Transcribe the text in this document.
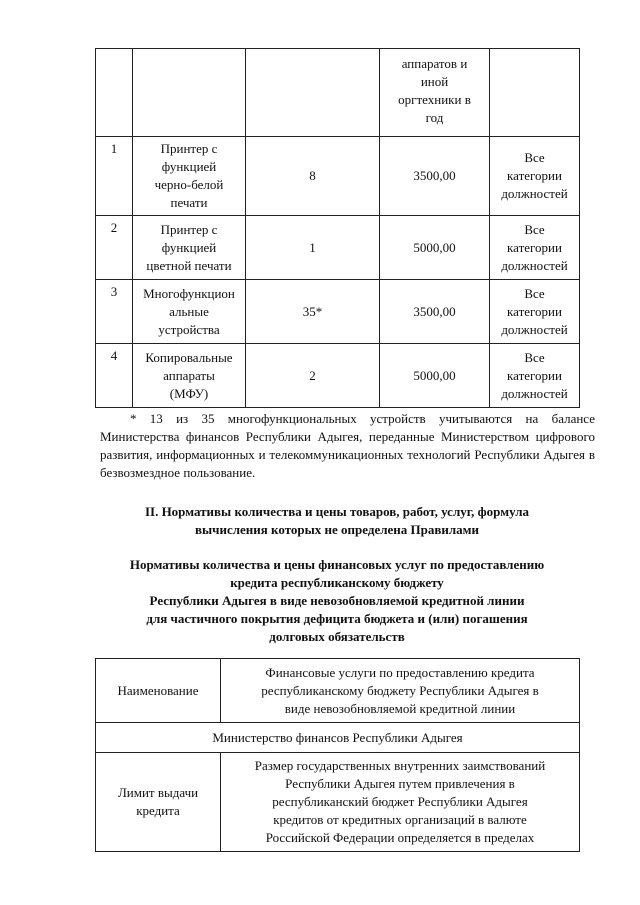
			аппаратов и
иной
оргтехники в
год	

1	Принтер с
функцией
черно-белой
печати	8	3500,00	Все
категории
должностей

2	Принтер с
функцией
цветной печати	1	5000,00	Все
категории
должностей

3	Многофункцион
альные
устройства	35*	3500,00	Все
категории
должностей

4	Копировальные
аппараты
(МФУ)	2	5000,00	Все
категории
должностей

* 13 из 35 многофункциональных устройств учитываются на балансе Министерства финансов Республики Адыгея, переданные Министерством цифрового развития, информационных и телекоммуникационных технологий Республики Адыгея в безвозмездное пользование.

II. Нормативы количества и цены товаров, работ, услуг, формула
вычисления которых не определена Правилами
Нормативы количества и цены финансовых услуг по предоставлению
кредита республиканскому бюджету
Республики Адыгея в виде невозобновляемой кредитной линии
для частичного покрытия дефицита бюджета и (или) погашения
долговых обязательств
Наименование	Финансовые услуги по предоставлению кредита
республиканскому бюджету Республики Адыгея в
виде невозобновляемой кредитной линии

Министерство финансов Республики Адыгея	

Лимит выдачи
кредита	Размер государственных внутренних заимствований
Республики Адыгея путем привлечения в
республиканский бюджет Республики Адыгея
кредитов от кредитных организаций в валюте
Российской Федерации определяется в пределах
